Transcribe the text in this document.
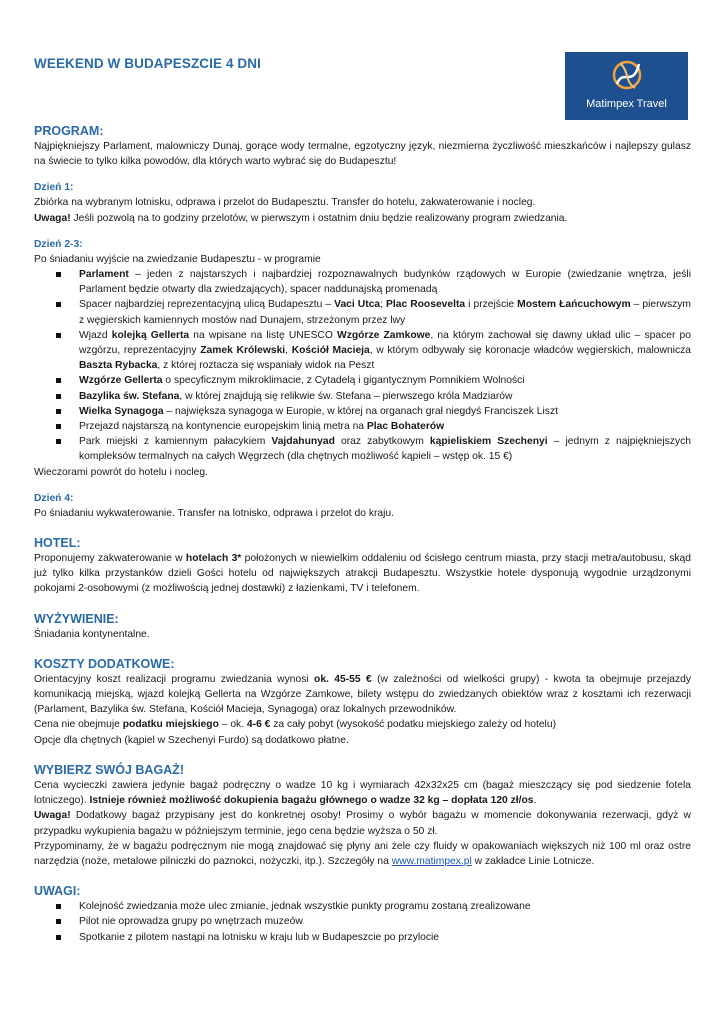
WEEKEND W BUDAPESZCIE 4 DNI
Matimpex Travel
PROGRAM:

Najpiękniejszy Parlament, malowniczy Dunaj, gorące wody termalne, egzotyczny język, niezmierna życzliwość mieszkańców i najlepszy gulasz na świecie to tylko kilka powodów, dla których warto wybrać się do Budapesztu!

Dzień 1:

Zbiórka na wybranym lotnisku, odprawa i przelot do Budapesztu. Transfer do hotelu, zakwaterowanie i nocleg.

Uwaga! Jeśli pozwolą na to godziny przelotów, w pierwszym i ostatnim dniu będzie realizowany program zwiedzania.

Dzień 2-3:

Po śniadaniu wyjście na zwiedzanie Budapesztu - w programie

Parlament – jeden z najstarszych i najbardziej rozpoznawalnych budynków rządowych w Europie (zwiedzanie wnętrza, jeśli Parlament będzie otwarty dla zwiedzających), spacer naddunajską promenadą
Spacer najbardziej reprezentacyjną ulicą Budapesztu – Vaci Utca; Plac Roosevelta i przejście Mostem Łańcuchowym – pierwszym z węgierskich kamiennych mostów nad Dunajem, strzeżonym przez lwy
Wjazd kolejką Gellerta na wpisane na listę UNESCO Wzgórze Zamkowe, na którym zachował się dawny układ ulic – spacer po wzgórzu, reprezentacyjny Zamek Królewski, Kościół Macieja, w którym odbywały się koronacje władców węgierskich, malownicza Baszta Rybacka, z której roztacza się wspaniały widok na Peszt
Wzgórze Gellerta o specyficznym mikroklimacie, z Cytadelą i gigantycznym Pomnikiem Wolności
Bazylika św. Stefana, w której znajdują się relikwie św. Stefana – pierwszego króla Madziarów
Wielka Synagoga – największa synagoga w Europie, w której na organach grał niegdyś Franciszek Liszt
Przejazd najstarszą na kontynencie europejskim linią metra na Plac Bohaterów
Park miejski z kamiennym pałacykiem Vajdahunyad oraz zabytkowym kąpieliskiem Szechenyi – jednym z najpiękniejszych kompleksów termalnych na całych Węgrzech (dla chętnych możliwość kąpieli – wstęp ok. 15 €)

Wieczorami powrót do hotelu i nocleg.

Dzień 4:

Po śniadaniu wykwaterowanie. Transfer na lotnisko, odprawa i przelot do kraju.

HOTEL:

Proponujemy zakwaterowanie w hotelach 3* położonych w niewielkim oddaleniu od ścisłego centrum miasta, przy stacji metra/autobusu, skąd już tylko kilka przystanków dzieli Gości hotelu od największych atrakcji Budapesztu. Wszystkie hotele dysponują wygodnie urządzonymi pokojami 2-osobowymi (z możliwością jednej dostawki) z łazienkami, TV i telefonem.

WYŻYWIENIE:

Śniadania kontynentalne.

KOSZTY DODATKOWE:

Orientacyjny koszt realizacji programu zwiedzania wynosi ok. 45-55 € (w zależności od wielkości grupy) - kwota ta obejmuje przejazdy komunikacją miejską, wjazd kolejką Gellerta na Wzgórze Zamkowe, bilety wstępu do zwiedzanych obiektów wraz z kosztami ich rezerwacji (Parlament, Bazylika św. Stefana, Kościół Macieja, Synagoga) oraz lokalnych przewodników.

Cena nie obejmuje podatku miejskiego – ok. 4-6 € za cały pobyt (wysokość podatku miejskiego zależy od hotelu)

Opcje dla chętnych (kąpiel w Szechenyi Furdo) są dodatkowo płatne.

WYBIERZ SWÓJ BAGAŻ!

Cena wycieczki zawiera jedynie bagaż podręczny o wadze 10 kg i wymiarach 42x32x25 cm (bagaż mieszczący się pod siedzenie fotela lotniczego). Istnieje również możliwość dokupienia bagażu głównego o wadze 32 kg – dopłata 120 zł/os.

Uwaga! Dodatkowy bagaż przypisany jest do konkretnej osoby! Prosimy o wybór bagażu w momencie dokonywania rezerwacji, gdyż w przypadku wykupienia bagażu w późniejszym terminie, jego cena będzie wyższa o 50 zł.

Przypominamy, że w bagażu podręcznym nie mogą znajdować się płyny ani żele czy fluidy w opakowaniach większych niż 100 ml oraz ostre narzędzia (noże, metalowe pilniczki do paznokci, nożyczki, itp.). Szczegóły na www.matimpex.pl w zakładce Linie Lotnicze.

UWAGI:
Kolejność zwiedzania może ulec zmianie, jednak wszystkie punkty programu zostaną zrealizowane
Pilot nie oprowadza grupy po wnętrzach muzeów
Spotkanie z pilotem nastąpi na lotnisku w kraju lub w Budapeszcie po przylocie
